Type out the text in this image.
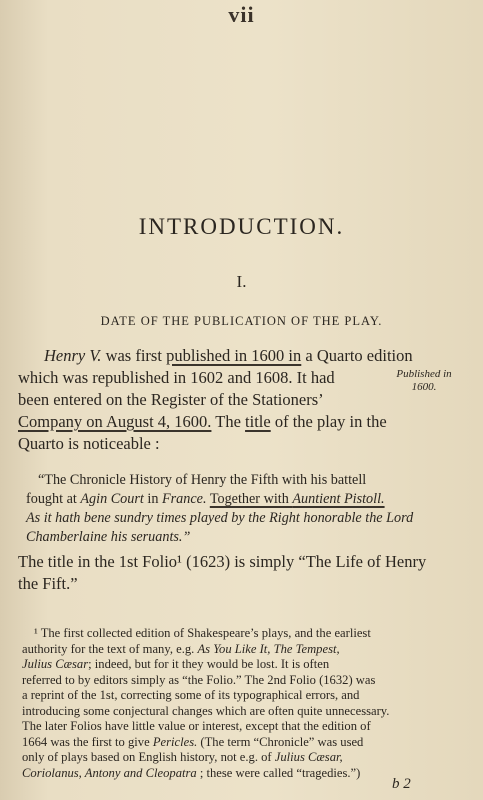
vii
INTRODUCTION.
I.
DATE OF THE PUBLICATION OF THE PLAY.
Henry V. was first published in 1600 in a Quarto edition
which was republished in 1602 and 1608. It had
been entered on the Register of the Stationers’
Company on August 4, 1600. The title of the play in the
Quarto is noticeable :
Published in
1600.
“The Chronicle History of Henry the Fifth with his battell
fought at Agin Court in France. Together with Auntient Pistoll.
As it hath bene sundry times played by the Right honorable the Lord
Chamberlaine his seruants.”
The title in the 1st Folio¹ (1623) is simply “The Life of Henry
the Fift.”
¹ The first collected edition of Shakespeare’s plays, and the earliest
authority for the text of many, e.g. As You Like It, The Tempest,
Julius Cæsar; indeed, but for it they would be lost. It is often
referred to by editors simply as “the Folio.” The 2nd Folio (1632) was
a reprint of the 1st, correcting some of its typographical errors, and
introducing some conjectural changes which are often quite unnecessary.
The later Folios have little value or interest, except that the edition of
1664 was the first to give Pericles. (The term “Chronicle” was used
only of plays based on English history, not e.g. of Julius Cæsar,
Coriolanus, Antony and Cleopatra ; these were called “tragedies.”)
b 2
